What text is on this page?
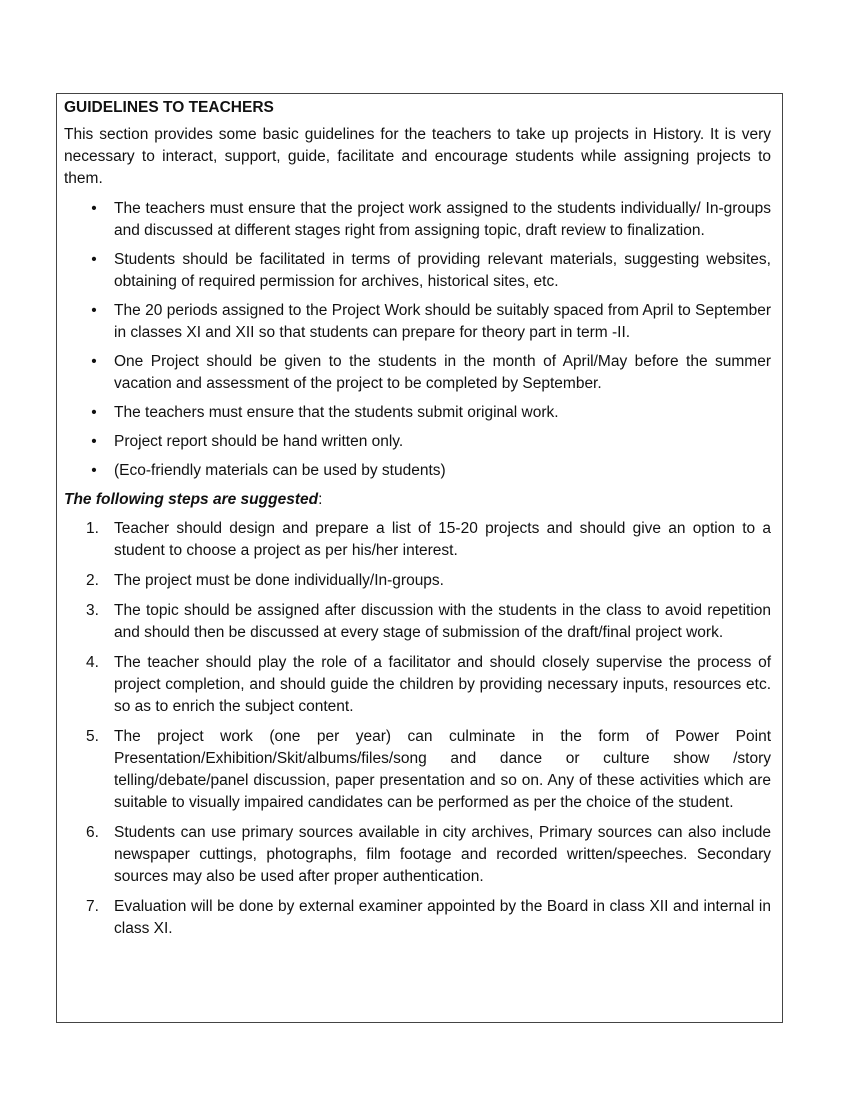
GUIDELINES TO TEACHERS
This section provides some basic guidelines for the teachers to take up projects in History. It is very necessary to interact, support, guide, facilitate and encourage students while assigning projects to them.
• The teachers must ensure that the project work assigned to the students individually/ In-groups and discussed at different stages right from assigning topic, draft review to finalization.
• Students should be facilitated in terms of providing relevant materials, suggesting websites, obtaining of required permission for archives, historical sites, etc.
• The 20 periods assigned to the Project Work should be suitably spaced from April to September in classes XI and XII so that students can prepare for theory part in term -II.
• One Project should be given to the students in the month of April/May before the summer vacation and assessment of the project to be completed by September.
• The teachers must ensure that the students submit original work.
• Project report should be hand written only.
• (Eco-friendly materials can be used by students)
The following steps are suggested:
1. Teacher should design and prepare a list of 15-20 projects and should give an option to a student to choose a project as per his/her interest.
2. The project must be done individually/In-groups.
3. The topic should be assigned after discussion with the students in the class to avoid repetition and should then be discussed at every stage of submission of the draft/final project work.
4. The teacher should play the role of a facilitator and should closely supervise the process of project completion, and should guide the children by providing necessary inputs, resources etc. so as to enrich the subject content.
5. The project work (one per year) can culminate in the form of Power Point Presentation/Exhibition/Skit/albums/files/song and dance or culture show /story telling/debate/panel discussion, paper presentation and so on. Any of these activities which are suitable to visually impaired candidates can be performed as per the choice of the student.
6. Students can use primary sources available in city archives, Primary sources can also include newspaper cuttings, photographs, film footage and recorded written/speeches. Secondary sources may also be used after proper authentication.
7. Evaluation will be done by external examiner appointed by the Board in class XII and internal in class XI.
